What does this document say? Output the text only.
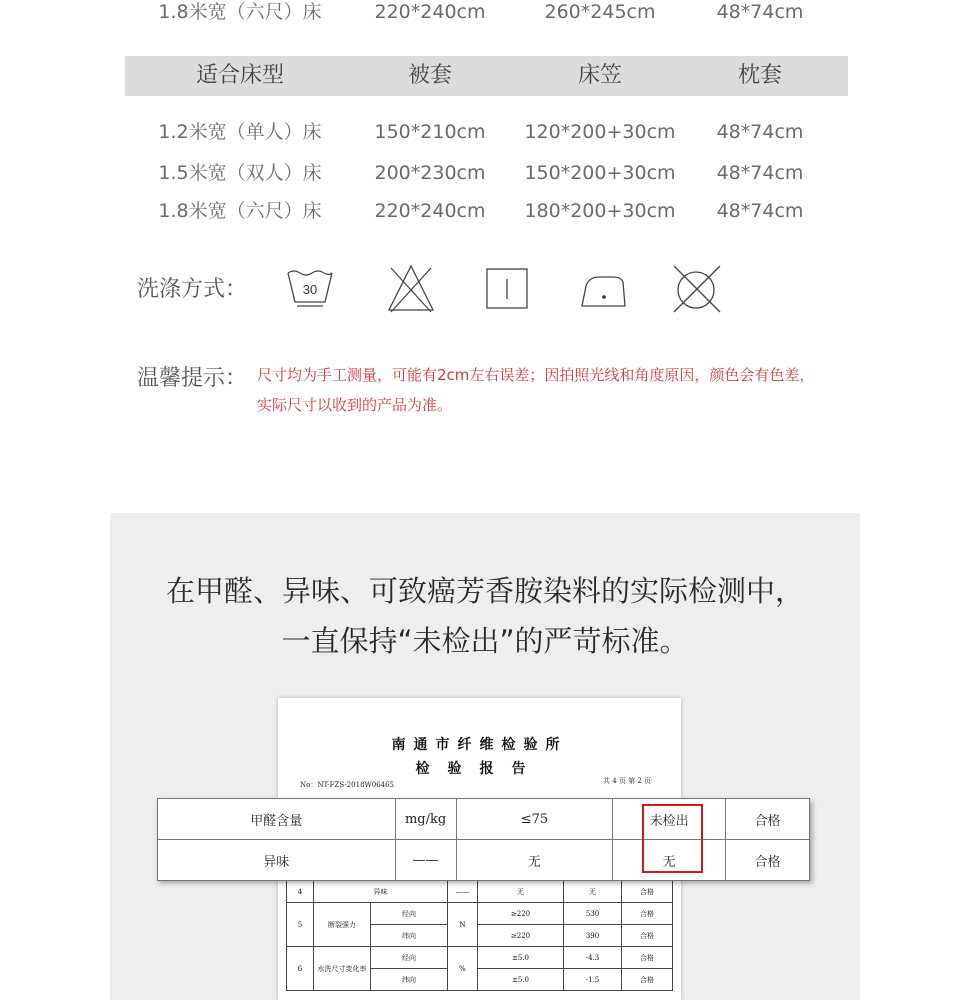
1.8米宽（六尺）床	220*240cm	260*245cm	48*74cm
适合床型	被套	床笠	枕套
1.2米宽（单人）床	150*210cm	120*200+30cm	48*74cm
1.5米宽（双人）床	200*230cm	150*200+30cm	48*74cm
1.8米宽（六尺）床	220*240cm	180*200+30cm	48*74cm
洗涤方式：	30
温馨提示： 尺寸均为手工测量，可能有2cm左右误差；因拍照光线和角度原因，颜色会有色差，
实际尺寸以收到的产品为准。
在甲醛、异味、可致癌芳香胺染料的实际检测中，
一直保持“未检出”的严苛标准。
南通市纤维检验所
检验报告
No：NT-FZS-2018W06465	共 4 页 第 2 页
4	异味		——	无	无	合格
5	断裂强力	经向	N	≥220	530	合格
		纬向		≥220	390	合格
6	水洗尺寸变化率	经向	%	±5.0	-4.3	合格
		纬向		±5.0	-1.5	合格
甲醛含量	mg/kg	≤75	未检出	合格
异味	——	无	无	合格
